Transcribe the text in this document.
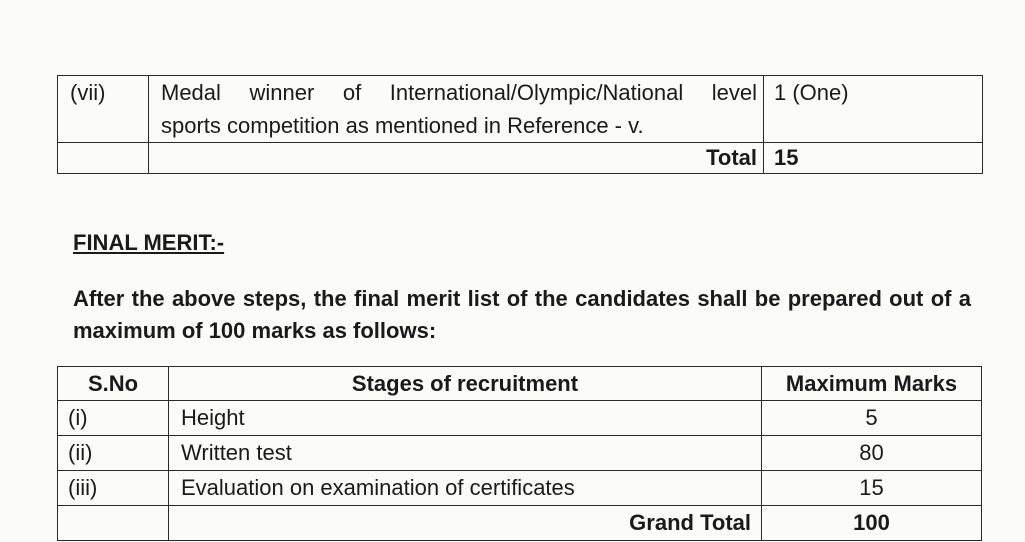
(vii)	Medal winner of International/Olympic/National level
sports competition as mentioned in Reference - v.	1 (One)
	Total	15
FINAL MERIT:-

After the above steps, the final merit list of the candidates shall be prepared out of a maximum of 100 marks as follows:

S.No	Stages of recruitment	Maximum Marks
(i)	Height	5
(ii)	Written test	80
(iii)	Evaluation on examination of certificates	15
	Grand Total	100
